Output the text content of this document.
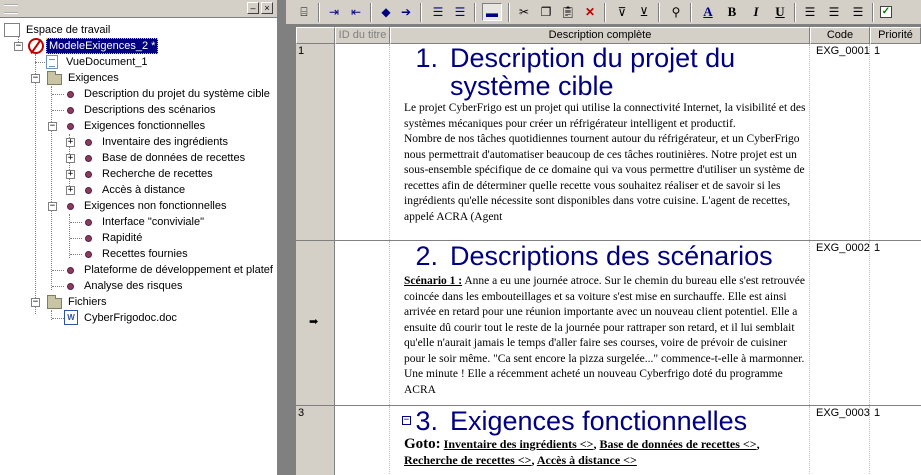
‒ ×
Espace de travail
−	ModeleExigences_2 *
VueDocument_1
−	Exigences
Description du projet du système cible
Descriptions des scénarios
−	Exigences fonctionnelles
+	Inventaire des ingrédients
+	Base de données de recettes
+	Recherche de recettes
+	Accès à distance
−	Exigences non fonctionnelles
Interface "conviviale"
Rapidité
Recettes fournies
Plateforme de développement et platef
Analyse des risques
−	Fichiers
W CyberFrigodoc.doc
⌸	⇥ ⇤	◆ ➔	☰ ☰	▬	✂ ❐ 📋︎ ✕	⊽	⊻	⚲	A	B	I	U	☰	☰	☰	✓
ID du titre	Description complète	Code	Priorité
1	1.	Description du projet du système cible
Le projet CyberFrigo est un projet qui utilise la connectivité Internet, la visibilité et des systèmes mécaniques pour créer un réfrigérateur intelligent et productif.
Nombre de nos tâches quotidiennes tournent autour du réfrigérateur, et un CyberFrigo nous permettrait d'automatiser beaucoup de ces tâches routinières. Notre projet est un sous-ensemble spécifique de ce domaine qui va vous permettre d'utiliser un système de recettes afin de déterminer quelle recette vous souhaitez réaliser et de savoir si les ingrédients qu'elle nécessite sont disponibles dans votre cuisine. L'agent de recettes, appelé ACRA (Agent
EXG_0001 1
➡
2.	Descriptions des scénarios
Scénario 1 : Anne a eu une journée atroce. Sur le chemin du bureau elle s'est retrouvée coincée dans les embouteillages et sa voiture s'est mise en surchauffe. Elle est ainsi arrivée en retard pour une réunion importante avec un nouveau client potentiel. Elle a ensuite dû courir tout le reste de la journée pour rattraper son retard, et il lui semblait qu'elle n'aurait jamais le temps d'aller faire ses courses, voire de prévoir de cuisiner pour le soir même. "Ca sent encore la pizza surgelée..." commence-t-elle à marmonner. Une minute ! Elle a récemment acheté un nouveau Cyberfrigo doté du programme ACRA
EXG_0002 1
3
− 3.	Exigences fonctionnelles
Goto: Inventaire des ingrédients <>, Base de données de recettes <>,
Recherche de recettes <>, Accès à distance <>
EXG_0003 1
